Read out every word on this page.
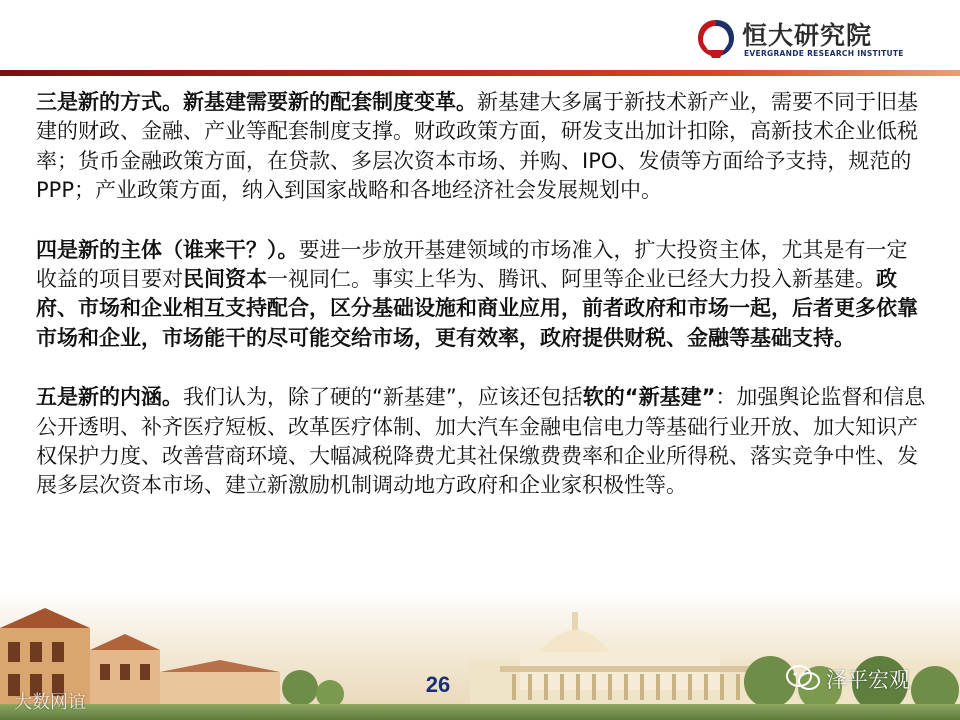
恒大研究院
EVERGRANDE RESEARCH INSTITUTE

三是新的方式。新基建需要新的配套制度变革。新基建大多属于新技术新产业，需要不同于旧基建的财政、金融、产业等配套制度支撑。财政政策方面，研发支出加计扣除，高新技术企业低税率；货币金融政策方面，在贷款、多层次资本市场、并购、IPO、发债等方面给予支持，规范的PPP；产业政策方面，纳入到国家战略和各地经济社会发展规划中。

四是新的主体（谁来干？）。要进一步放开基建领域的市场准入，扩大投资主体，尤其是有一定收益的项目要对民间资本一视同仁。事实上华为、腾讯、阿里等企业已经大力投入新基建。政府、市场和企业相互支持配合，区分基础设施和商业应用，前者政府和市场一起，后者更多依靠市场和企业，市场能干的尽可能交给市场，更有效率，政府提供财税、金融等基础支持。

五是新的内涵。我们认为，除了硬的“新基建”，应该还包括软的“新基建”：加强舆论监督和信息公开透明、补齐医疗短板、改革医疗体制、加大汽车金融电信电力等基础行业开放、加大知识产权保护力度、改善营商环境、大幅减税降费尤其社保缴费费率和企业所得税、落实竞争中性、发展多层次资本市场、建立新激励机制调动地方政府和企业家积极性等。

26
大数网谊
泽平宏观
